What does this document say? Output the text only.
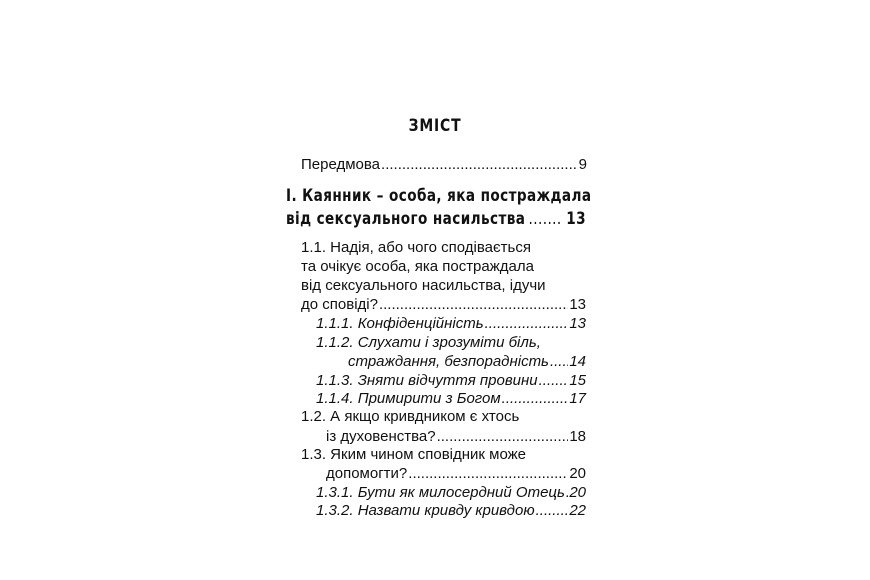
ЗМІСТ
Передмова .....	9
I. Каянник – особа, яка постраждала
від сексуального насильства ..... 13
1.1. Надія, або чого сподівається
та очікує особа, яка постраждала
від сексуального насильства, ідучи
до сповіді? .....	13
1.1.1. Конфіденційність .....	13
1.1.2. Слухати і зрозуміти біль,
страждання, безпорадність ..... 14
1.1.3. Зняти відчуття провини ..... 15
1.1.4. Примирити з Богом .....	17
1.2. А якщо кривдником є хтось
із духовенства? .....	18
1.3. Яким чином сповідник може
допомогти? .....	20
1.3.1. Бути як милосердний Отець ..... 20
1.3.2. Назвати кривду кривдою ..... 22
